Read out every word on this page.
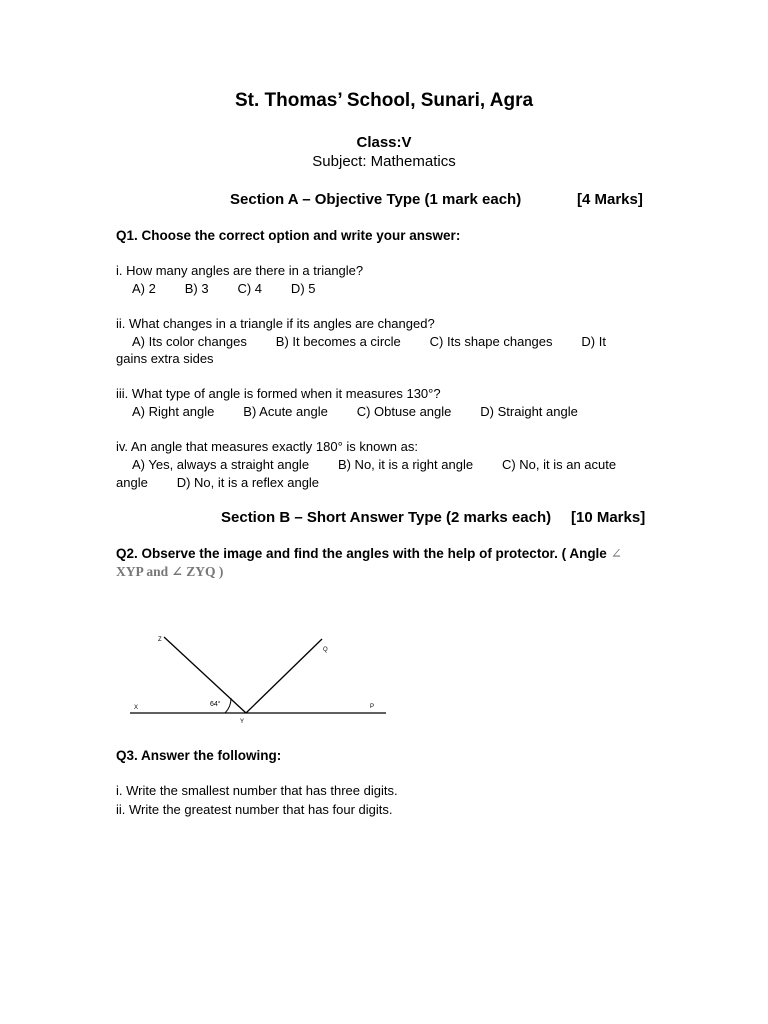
St. Thomas’ School, Sunari, Agra
Class:V
Subject: Mathematics
Section A – Objective Type (1 mark each)	[4 Marks]
Q1. Choose the correct option and write your answer:
i. How many angles are there in a triangle?
A) 2        B) 3        C) 4        D) 5
ii. What changes in a triangle if its angles are changed?
A) Its color changes        B) It becomes a circle        C) Its shape changes        D) It
gains extra sides
iii. What type of angle is formed when it measures 130°?
A) Right angle        B) Acute angle        C) Obtuse angle        D) Straight angle
iv. An angle that measures exactly 180° is known as:
A) Yes, always a straight angle        B) No, it is a right angle        C) No, it is an acute
angle        D) No, it is a reflex angle
Section B – Short Answer Type (2 marks each) [10 Marks]
Q2. Observe the image and find the angles with the help of protector. ( Angle ∠
XYP and ∠ ZYQ )
Z
Q
X
Y
P
64°
Q3. Answer the following:
i. Write the smallest number that has three digits.
ii. Write the greatest number that has four digits.
